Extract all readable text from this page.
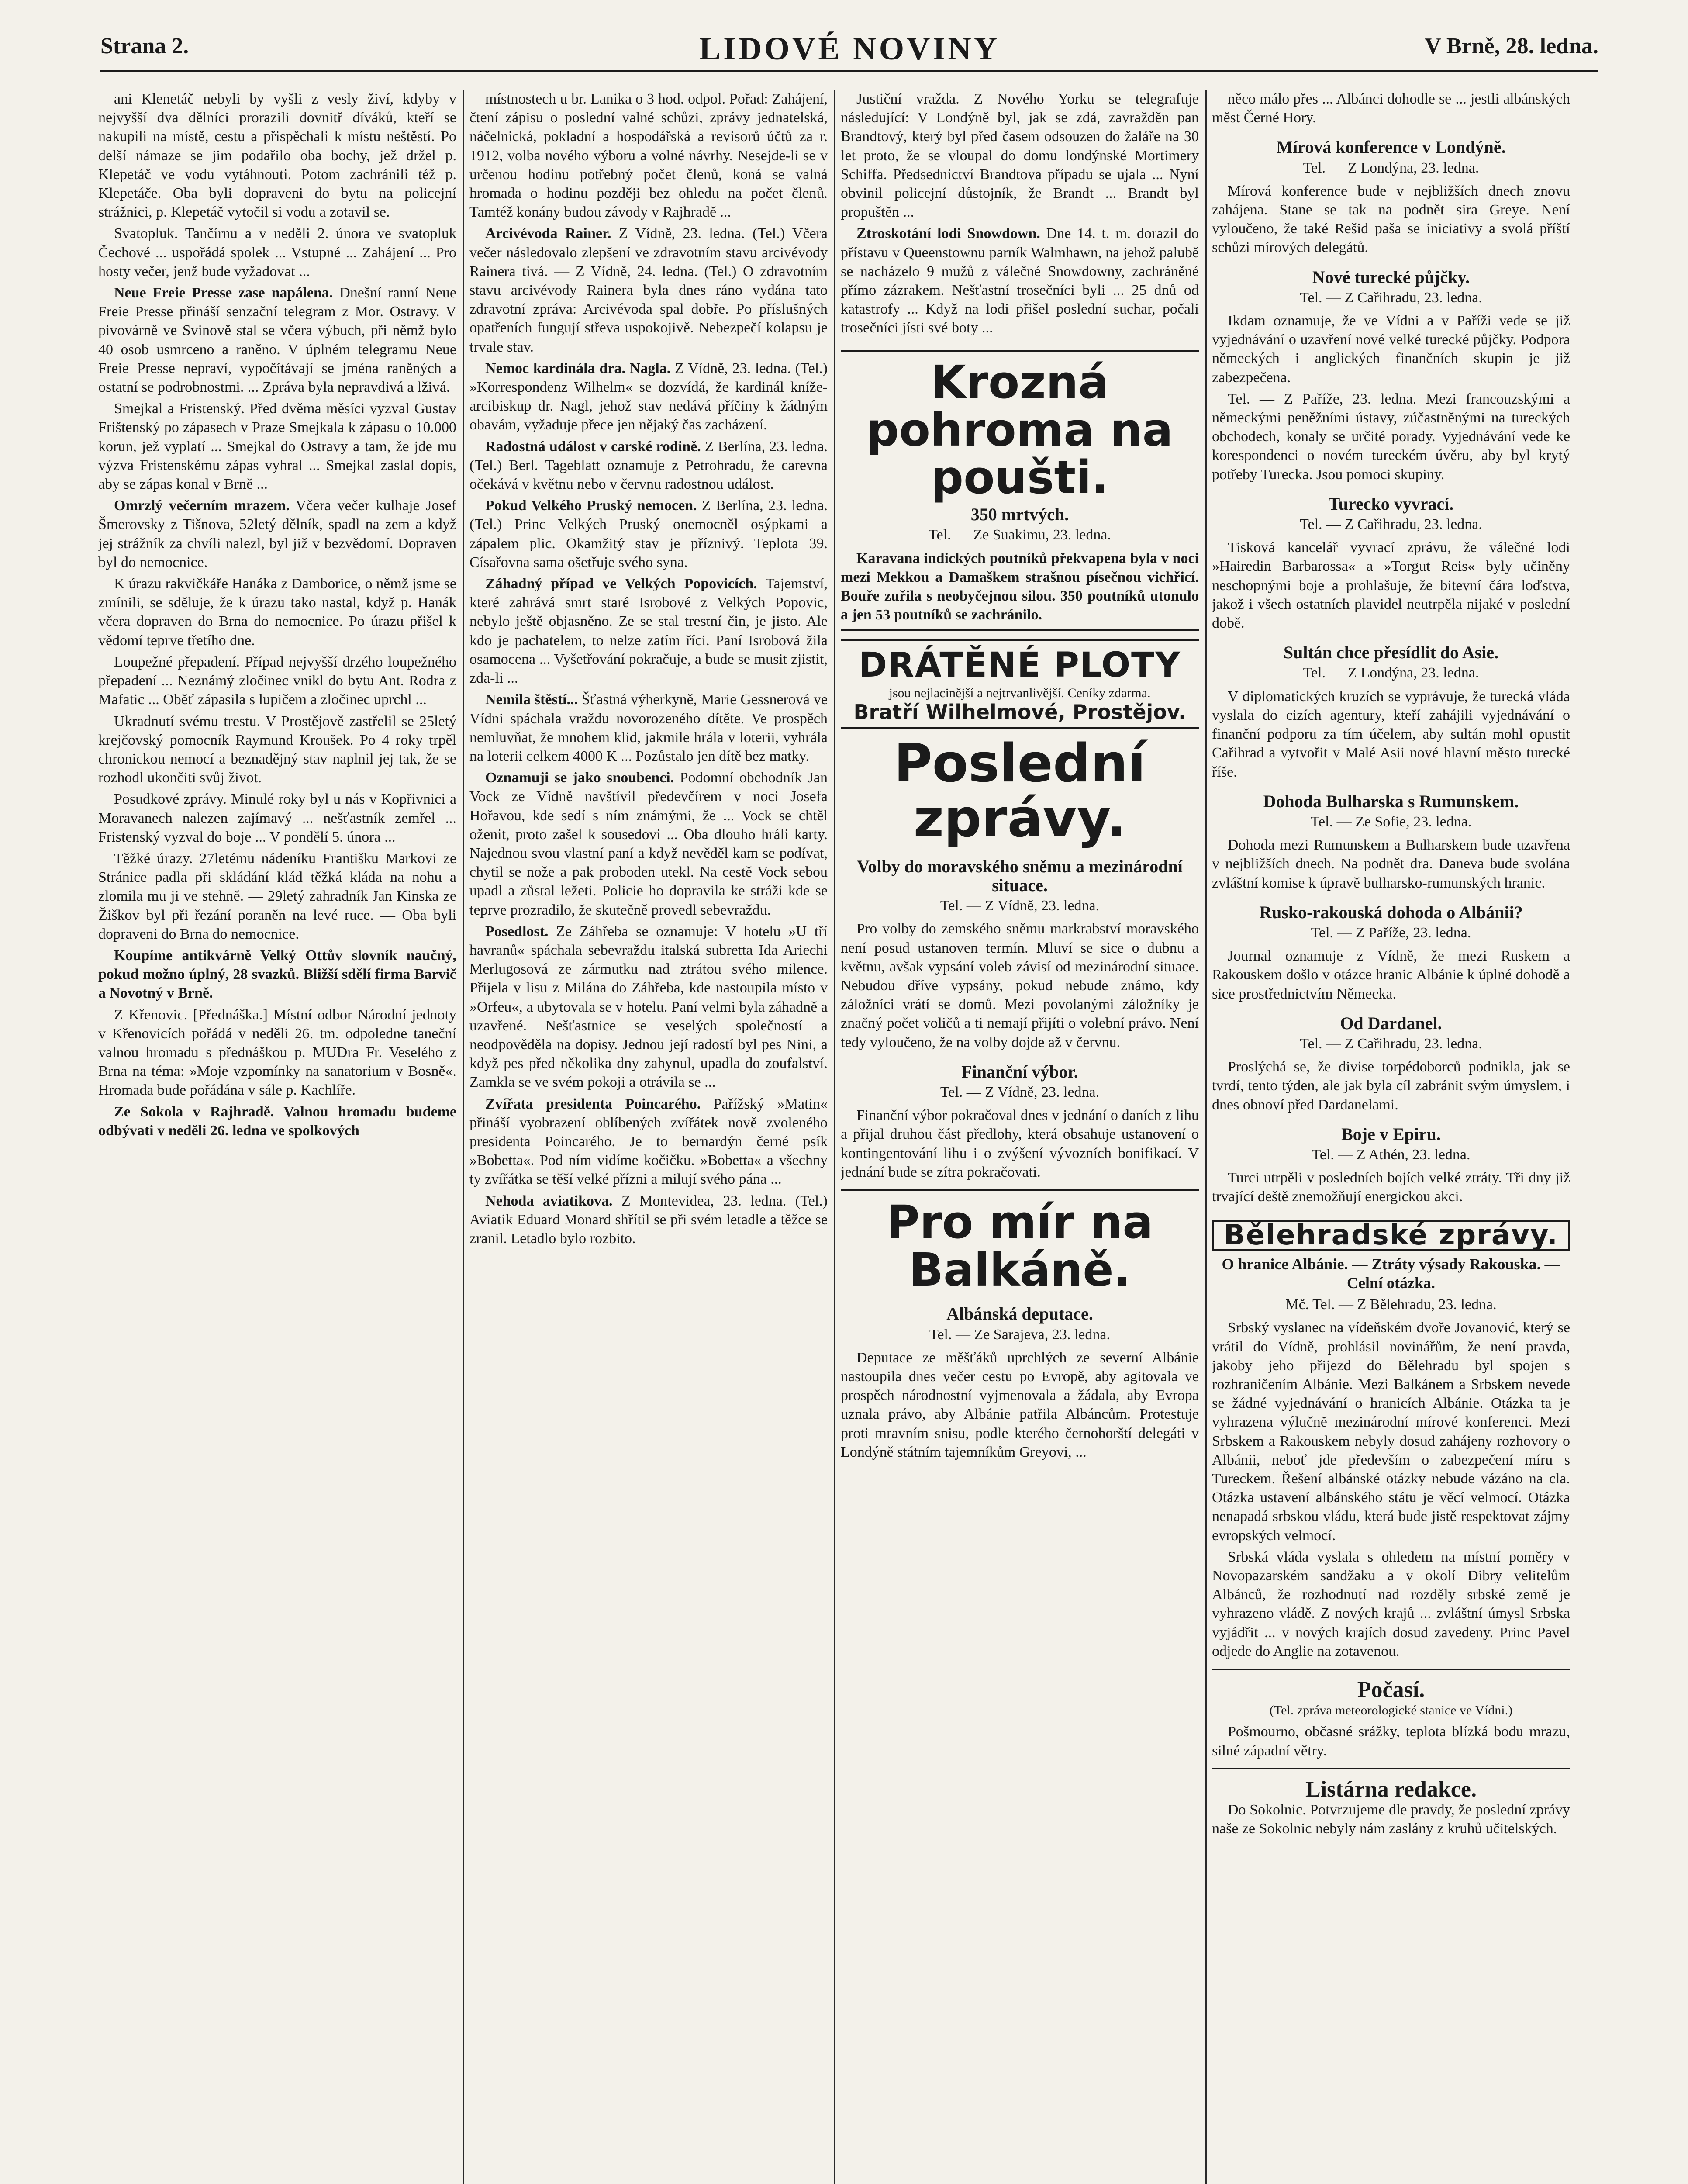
Strana 2.	LIDOVÉ NOVINY	V Brně, 28. ledna.

ani Klenetáč nebyli by vyšli z vesly živí, kdyby v nejvyšší dva dělníci prorazili dovnitř díváků, kteří se nakupili na místě, cestu a přispěchali k místu neštěstí. Po delší námaze se jim podařilo oba bochy, jež držel p. Klepetáč ve vodu vytáhnouti. Potom zachránili též p. Klepetáče. Oba byli dopraveni do bytu na policejní strážnici, p. Klepetáč vytočil si vodu a zotavil se.

Svatopluk. Tančírnu a v neděli 2. února ve svatopluk Čechové ... uspořádá spolek ... Vstupné ... Zahájení ... Pro hosty večer, jenž bude vyžadovat ...

Neue Freie Presse zase napálena. Dnešní ranní Neue Freie Presse přináší senzační telegram z Mor. Ostravy. V pivovárně ve Svinově stal se včera výbuch, při němž bylo 40 osob usmrceno a raněno. V úplném telegramu Neue Freie Presse nepraví, vypočítávají se jména raněných a ostatní se podrobnostmi. ... Zpráva byla nepravdivá a lživá.

Smejkal a Fristenský. Před dvěma měsíci vyzval Gustav Frištenský po zápasech v Praze Smejkala k zápasu o 10.000 korun, jež vyplatí ... Smejkal do Ostravy a tam, že jde mu výzva Fristenskému zápas vyhral ... Smejkal zaslal dopis, aby se zápas konal v Brně ...

Omrzlý večerním mrazem. Včera večer kulhaje Josef Šmerovsky z Tišnova, 52letý dělník, spadl na zem a když jej strážník za chvíli nalezl, byl již v bezvědomí. Dopraven byl do nemocnice.

K úrazu rakvičkáře Hanáka z Damborice, o němž jsme se zmínili, se sděluje, že k úrazu tako nastal, když p. Hanák včera dopraven do Brna do nemocnice. Po úrazu přišel k vědomí teprve třetího dne.

Loupežné přepadení. Případ nejvyšší drzého loupežného přepadení ... Neznámý zločinec vnikl do bytu Ant. Rodra z Mafatic ... Oběť zápasila s lupičem a zločinec uprchl ...

Ukradnutí svému trestu. V Prostějově zastřelil se 25letý krejčovský pomocník Raymund Kroušek. Po 4 roky trpěl chronickou nemocí a beznadějný stav naplnil jej tak, že se rozhodl ukončiti svůj život.

Posudkové zprávy. Minulé roky byl u nás v Kopřivnici a Moravanech nalezen zajímavý ... nešťastník zemřel ... Fristenský vyzval do boje ... V pondělí 5. února ...

Těžké úrazy. 27letému nádeníku Františku Markovi ze Stránice padla při skládání klád těžká kláda na nohu a zlomila mu ji ve stehně. — 29letý zahradník Jan Kinska ze Žiškov byl při řezání poraněn na levé ruce. — Oba byli dopraveni do Brna do nemocnice.

Koupíme antikvárně Velký Ottův slovník naučný, pokud možno úplný, 28 svazků. Bližší sdělí firma Barvič a Novotný v Brně.

Z Křenovic. [Přednáška.] Místní odbor Národní jednoty v Křenovicích pořádá v neděli 26. tm. odpoledne taneční valnou hromadu s přednáškou p. MUDra Fr. Veselého z Brna na téma: »Moje vzpomínky na sanatorium v Bosně«. Hromada bude pořádána v sále p. Kachlíře.

Ze Sokola v Rajhradě. Valnou hromadu budeme odbývati v neděli 26. ledna ve spolkových

místnostech u br. Lanika o 3 hod. odpol. Pořad: Zahájení, čtení zápisu o poslední valné schůzi, zprávy jednatelská, náčelnická, pokladní a hospodářská a revisorů účtů za r. 1912, volba nového výboru a volné návrhy. Nesejde-li se v určenou hodinu potřebný počet členů, koná se valná hromada o hodinu později bez ohledu na počet členů. Tamtéž konány budou závody v Rajhradě ...

Arcivévoda Rainer. Z Vídně, 23. ledna. (Tel.) Včera večer následovalo zlepšení ve zdravotním stavu arcivévody Rainera tivá. — Z Vídně, 24. ledna. (Tel.) O zdravotním stavu arcivévody Rainera byla dnes ráno vydána tato zdravotní zpráva: Arcivévoda spal dobře. Po příslušných opatřeních fungují střeva uspokojivě. Nebezpečí kolapsu je trvale stav.

Nemoc kardinála dra. Nagla. Z Vídně, 23. ledna. (Tel.) »Korrespondenz Wilhelm« se dozvídá, že kardinál kníže-arcibiskup dr. Nagl, jehož stav nedává příčiny k žádným obavám, vyžaduje přece jen nějaký čas zacházení.

Radostná událost v carské rodině. Z Berlína, 23. ledna. (Tel.) Berl. Tageblatt oznamuje z Petrohradu, že carevna očekává v květnu nebo v červnu radostnou událost.

Pokud Velkého Pruský nemocen. Z Berlína, 23. ledna. (Tel.) Princ Velkých Pruský onemocněl osýpkami a zápalem plic. Okamžitý stav je příznivý. Teplota 39. Císařovna sama ošetřuje svého syna.

Záhadný případ ve Velkých Popovicích. Tajemství, které zahrává smrt staré Isrobové z Velkých Popovic, nebylo ještě objasněno. Ze se stal trestní čin, je jisto. Ale kdo je pachatelem, to nelze zatím říci. Paní Isrobová žila osamocena ... Vyšetřování pokračuje, a bude se musit zjistit, zda-li ...

Nemila štěstí... Šťastná výherkyně, Marie Gessnerová ve Vídni spáchala vraždu novorozeného dítěte. Ve prospěch nemluvňat, že mnohem klid, jakmile hrála v loterii, vyhrála na loterii celkem 4000 K ... Pozůstalo jen dítě bez matky.

Oznamuji se jako snoubenci. Podomní obchodník Jan Vock ze Vídně navštívil předevčírem v noci Josefa Hořavou, kde sedí s ním známými, že ... Vock se chtěl oženit, proto zašel k sousedovi ... Oba dlouho hráli karty. Najednou svou vlastní paní a když nevěděl kam se podívat, chytil se nože a pak proboden utekl. Na cestě Vock sebou upadl a zůstal ležeti. Policie ho dopravila ke stráži kde se teprve prozradilo, že skutečně provedl sebevraždu.

Posedlost. Ze Záhřeba se oznamuje: V hotelu »U tří havranů« spáchala sebevraždu italská subretta Ida Ariechi Merlugosová ze zármutku nad ztrátou svého milence. Přijela v lisu z Milána do Záhřeba, kde nastoupila místo v »Orfeu«, a ubytovala se v hotelu. Paní velmi byla záhadně a uzavřené. Nešťastnice se veselých společností a neodpověděla na dopisy. Jednou její radostí byl pes Nini, a když pes před několika dny zahynul, upadla do zoufalství. Zamkla se ve svém pokoji a otrávila se ...

Zvířata presidenta Poincarého. Pařížský »Matin« přináší vyobrazení oblíbených zvířátek nově zvoleného presidenta Poincarého. Je to bernardýn černé psík »Bobetta«. Pod ním vidíme kočičku. »Bobetta« a všechny ty zvířátka se těší velké přízni a milují svého pána ...

Nehoda aviatikova. Z Montevidea, 23. ledna. (Tel.) Aviatik Eduard Monard shřítil se při svém letadle a těžce se zranil. Letadlo bylo rozbito.

Justiční vražda. Z Nového Yorku se telegrafuje následující: V Londýně byl, jak se zdá, zavražděn pan Brandtový, který byl před časem odsouzen do žaláře na 30 let proto, že se vloupal do domu londýnské Mortimery Schiffa. Předsednictví Brandtova případu se ujala ... Nyní obvinil policejní důstojník, že Brandt ... Brandt byl propuštěn ...

Ztroskotání lodi Snowdown. Dne 14. t. m. dorazil do přístavu v Queenstownu parník Walmhawn, na jehož palubě se nacházelo 9 mužů z válečné Snowdowny, zachráněné přímo zázrakem. Nešťastní trosečníci byli ... 25 dnů od katastrofy ... Když na lodi přišel poslední suchar, počali trosečníci jísti své boty ...

Krozná pohroma na poušti.
350 mrtvých.
Tel. — Ze Suakimu, 23. ledna.

Karavana indických poutníků překvapena byla v noci mezi Mekkou a Damaškem strašnou písečnou vichřicí. Bouře zuřila s neobyčejnou silou. 350 poutníků utonulo a jen 53 poutníků se zachránilo.

DRÁTĚNÉ PLOTY
jsou nejlacinější a nejtrvanlivější. Ceníky zdarma.
Bratří Wilhelmové, Prostějov.
Poslední zprávy.
Volby do moravského sněmu a mezinárodní situace.
Tel. — Z Vídně, 23. ledna.

Pro volby do zemského sněmu markrabství moravského není posud ustanoven termín. Mluví se sice o dubnu a květnu, avšak vypsání voleb závisí od mezinárodní situace. Nebudou dříve vypsány, pokud nebude známo, kdy záložníci vrátí se domů. Mezi povolanými záložníky je značný počet voličů a ti nemají přijíti o volební právo. Není tedy vyloučeno, že na volby dojde až v červnu.

Finanční výbor.
Tel. — Z Vídně, 23. ledna.

Finanční výbor pokračoval dnes v jednání o daních z lihu a přijal druhou část předlohy, která obsahuje ustanovení o kontingentování lihu i o zvýšení vývozních bonifikací. V jednání bude se zítra pokračovati.

Pro mír na Balkáně.
Albánská deputace.
Tel. — Ze Sarajeva, 23. ledna.

Deputace ze měšťáků uprchlých ze severní Albánie nastoupila dnes večer cestu po Evropě, aby agitovala ve prospěch národnostní vyjmenovala a žádala, aby Evropa uznala právo, aby Albánie patřila Albáncům. Protestuje proti mravním snisu, podle kterého černohorští delegáti v Londýně státním tajemníkům Greyovi, ...

něco málo přes ... Albánci dohodle se ... jestli albánských měst Černé Hory.

Mírová konference v Londýně.
Tel. — Z Londýna, 23. ledna.

Mírová konference bude v nejbližších dnech znovu zahájena. Stane se tak na podnět sira Greye. Není vyloučeno, že také Rešid paša se iniciativy a svolá příští schůzi mírových delegátů.

Nové turecké půjčky.
Tel. — Z Cařihradu, 23. ledna.

Ikdam oznamuje, že ve Vídni a v Paříži vede se již vyjednávání o uzavření nové velké turecké půjčky. Podpora německých i anglických finančních skupin je již zabezpečena.

Tel. — Z Paříže, 23. ledna. Mezi francouzskými a německými peněžními ústavy, zúčastněnými na tureckých obchodech, konaly se určité porady. Vyjednávání vede ke korespondenci o novém tureckém úvěru, aby byl krytý potřeby Turecka. Jsou pomoci skupiny.

Turecko vyvrací.
Tel. — Z Cařihradu, 23. ledna.

Tisková kancelář vyvrací zprávu, že válečné lodi »Hairedin Barbarossa« a »Torgut Reis« byly učiněny neschopnými boje a prohlašuje, že bitevní čára loďstva, jakož i všech ostatních plavidel neutrpěla nijaké v poslední době.

Sultán chce přesídlit do Asie.
Tel. — Z Londýna, 23. ledna.

V diplomatických kruzích se vyprávuje, že turecká vláda vyslala do cizích agentury, kteří zahájili vyjednávání o finanční podporu za tím účelem, aby sultán mohl opustit Cařihrad a vytvořit v Malé Asii nové hlavní město turecké říše.

Dohoda Bulharska s Rumunskem.
Tel. — Ze Sofie, 23. ledna.

Dohoda mezi Rumunskem a Bulharskem bude uzavřena v nejbližších dnech. Na podnět dra. Daneva bude svolána zvláštní komise k úpravě bulharsko-rumunských hranic.

Rusko-rakouská dohoda o Albánii?
Tel. — Z Paříže, 23. ledna.

Journal oznamuje z Vídně, že mezi Ruskem a Rakouskem došlo v otázce hranic Albánie k úplné dohodě a sice prostřednictvím Německa.

Od Dardanel.
Tel. — Z Cařihradu, 23. ledna.

Proslýchá se, že divise torpédoborců podnikla, jak se tvrdí, tento týden, ale jak byla cíl zabránit svým úmyslem, i dnes obnoví před Dardanelami.

Boje v Epiru.
Tel. — Z Athén, 23. ledna.

Turci utrpěli v posledních bojích velké ztráty. Tři dny již trvající deště znemožňují energickou akci.

Bělehradské zprávy.
O hranice Albánie. — Ztráty výsady Rakouska. — Celní otázka.
Mč. Tel. — Z Bělehradu, 23. ledna.

Srbský vyslanec na vídeňském dvoře Jovanović, který se vrátil do Vídně, prohlásil novinářům, že není pravda, jakoby jeho přijezd do Bělehradu byl spojen s rozhraničením Albánie. Mezi Balkánem a Srbskem nevede se žádné vyjednávání o hranicích Albánie. Otázka ta je vyhrazena výlučně mezinárodní mírové konferenci. Mezi Srbskem a Rakouskem nebyly dosud zahájeny rozhovory o Albánii, neboť jde především o zabezpečení míru s Tureckem. Řešení albánské otázky nebude vázáno na cla. Otázka ustavení albánského státu je věcí velmocí. Otázka nenapadá srbskou vládu, která bude jistě respektovat zájmy evropských velmocí.

Srbská vláda vyslala s ohledem na místní poměry v Novopazarském sandžaku a v okolí Dibry velitelům Albánců, že rozhodnutí nad rozděly srbské země je vyhrazeno vládě. Z nových krajů ... zvláštní úmysl Srbska vyjádřit ... v nových krajích dosud zavedeny. Princ Pavel odjede do Anglie na zotavenou.

Počasí.
(Tel. zpráva meteorologické stanice ve Vídni.)

Pošmourno, občasné srážky, teplota blízká bodu mrazu, silné západní větry.

Listárna redakce.

Do Sokolnic. Potvrzujeme dle pravdy, že poslední zprávy naše ze Sokolnic nebyly nám zaslány z kruhů učitelských.
